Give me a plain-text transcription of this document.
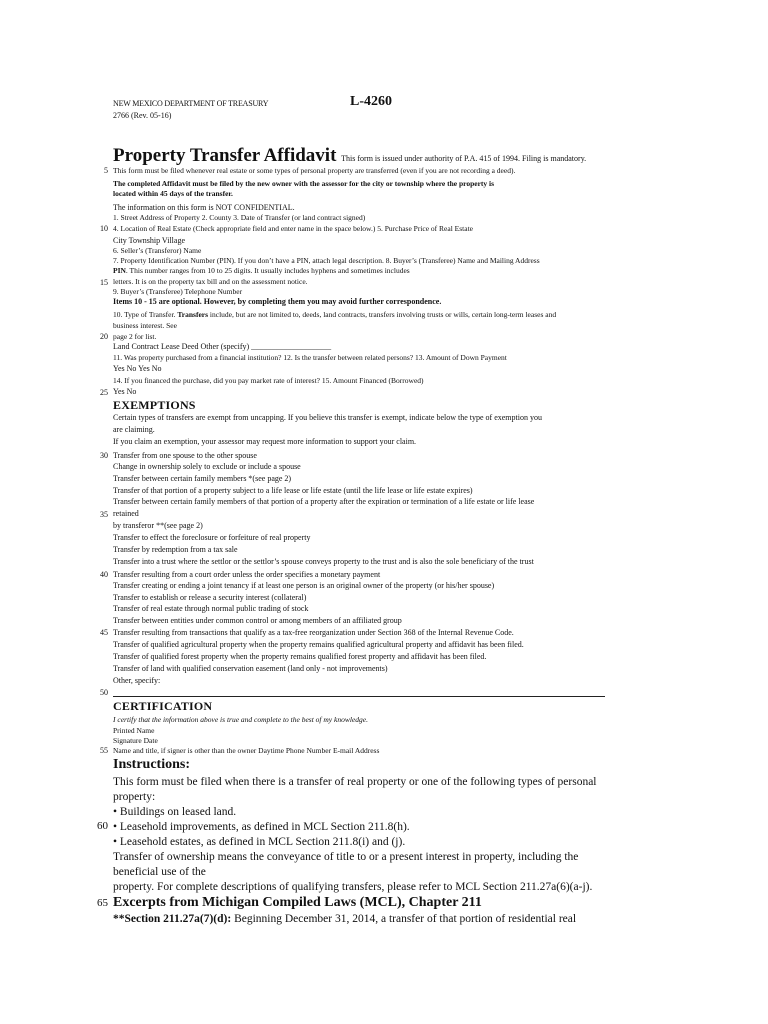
NEW MEXICO DEPARTMENT OF TREASURY	L-4260
2766 (Rev. 05-16)
Property Transfer Affidavit This form is issued under authority of P.A. 415 of 1994. Filing is mandatory.
5
10
15
20
25
30
35
40
45
50
55
60
65
This form must be filed whenever real estate or some types of personal property are transferred (even if you are not recording a deed).
The completed Affidavit must be filed by the new owner with the assessor for the city or township where the property is
located within 45 days of the transfer.
The information on this form is NOT CONFIDENTIAL.
1. Street Address of Property 2. County 3. Date of Transfer (or land contract signed)
4. Location of Real Estate (Check appropriate field and enter name in the space below.) 5. Purchase Price of Real Estate
City Township Village
6. Seller’s (Transferor) Name
7. Property Identification Number (PIN). If you don’t have a PIN, attach legal description. 8. Buyer’s (Transferee) Name and Mailing Address
PIN. This number ranges from 10 to 25 digits. It usually includes hyphens and sometimes includes
letters. It is on the property tax bill and on the assessment notice.
9. Buyer’s (Transferee) Telephone Number
Items 10 - 15 are optional. However, by completing them you may avoid further correspondence.
10. Type of Transfer. Transfers include, but are not limited to, deeds, land contracts, transfers involving trusts or wills, certain long-term leases and
business interest. See
page 2 for list.
Land Contract Lease Deed Other (specify) ____________________
11. Was property purchased from a financial institution? 12. Is the transfer between related persons? 13. Amount of Down Payment
Yes No Yes No
14. If you financed the purchase, did you pay market rate of interest? 15. Amount Financed (Borrowed)
Yes No
EXEMPTIONS
Certain types of transfers are exempt from uncapping. If you believe this transfer is exempt, indicate below the type of exemption you
are claiming.
If you claim an exemption, your assessor may request more information to support your claim.
Transfer from one spouse to the other spouse
Change in ownership solely to exclude or include a spouse
Transfer between certain family members *(see page 2)
Transfer of that portion of a property subject to a life lease or life estate (until the life lease or life estate expires)
Transfer between certain family members of that portion of a property after the expiration or termination of a life estate or life lease
retained
by transferor **(see page 2)
Transfer to effect the foreclosure or forfeiture of real property
Transfer by redemption from a tax sale
Transfer into a trust where the settlor or the settlor’s spouse conveys property to the trust and is also the sole beneficiary of the trust
Transfer resulting from a court order unless the order specifies a monetary payment
Transfer creating or ending a joint tenancy if at least one person is an original owner of the property (or his/her spouse)
Transfer to establish or release a security interest (collateral)
Transfer of real estate through normal public trading of stock
Transfer between entities under common control or among members of an affiliated group
Transfer resulting from transactions that qualify as a tax-free reorganization under Section 368 of the Internal Revenue Code.
Transfer of qualified agricultural property when the property remains qualified agricultural property and affidavit has been filed.
Transfer of qualified forest property when the property remains qualified forest property and affidavit has been filed.
Transfer of land with qualified conservation easement (land only - not improvements)
Other, specify:
CERTIFICATION
I certify that the information above is true and complete to the best of my knowledge.
Printed Name
Signature Date
Name and title, if signer is other than the owner Daytime Phone Number E-mail Address
Instructions:
This form must be filed when there is a transfer of real property or one of the following types of personal
property:
• Buildings on leased land.
• Leasehold improvements, as defined in MCL Section 211.8(h).
• Leasehold estates, as defined in MCL Section 211.8(i) and (j).
Transfer of ownership means the conveyance of title to or a present interest in property, including the
beneficial use of the
property. For complete descriptions of qualifying transfers, please refer to MCL Section 211.27a(6)(a-j).
Excerpts from Michigan Compiled Laws (MCL), Chapter 211
**Section 211.27a(7)(d): Beginning December 31, 2014, a transfer of that portion of residential real
